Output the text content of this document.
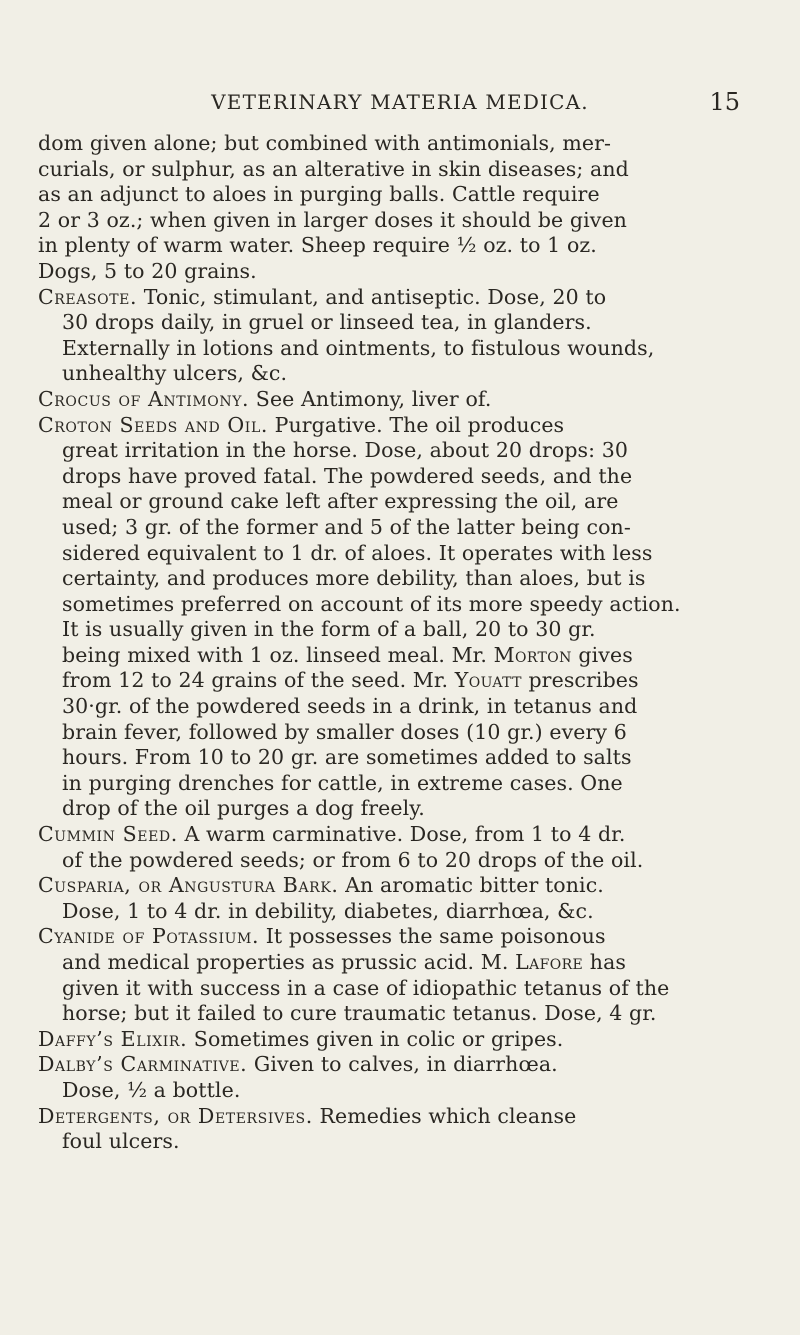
VETERINARY MATERIA MEDICA.	15
dom given alone; but combined with antimonials, mer-
curials, or sulphur, as an alterative in skin diseases; and
as an adjunct to aloes in purging balls. Cattle require
2 or 3 oz.; when given in larger doses it should be given
in plenty of warm water. Sheep require ½ oz. to 1 oz.
Dogs, 5 to 20 grains.
Creasote. Tonic, stimulant, and antiseptic. Dose, 20 to
30 drops daily, in gruel or linseed tea, in glanders.
Externally in lotions and ointments, to fistulous wounds,
unhealthy ulcers, &c.
Crocus of Antimony. See Antimony, liver of.
Croton Seeds and Oil. Purgative. The oil produces
great irritation in the horse. Dose, about 20 drops: 30
drops have proved fatal. The powdered seeds, and the
meal or ground cake left after expressing the oil, are
used; 3 gr. of the former and 5 of the latter being con-
sidered equivalent to 1 dr. of aloes. It operates with less
certainty, and produces more debility, than aloes, but is
sometimes preferred on account of its more speedy action.
It is usually given in the form of a ball, 20 to 30 gr.
being mixed with 1 oz. linseed meal. Mr. Morton gives
from 12 to 24 grains of the seed. Mr. Youatt prescribes
30·gr. of the powdered seeds in a drink, in tetanus and
brain fever, followed by smaller doses (10 gr.) every 6
hours. From 10 to 20 gr. are sometimes added to salts
in purging drenches for cattle, in extreme cases. One
drop of the oil purges a dog freely.
Cummin Seed. A warm carminative. Dose, from 1 to 4 dr.
of the powdered seeds; or from 6 to 20 drops of the oil.
Cusparia, or Angustura Bark. An aromatic bitter tonic.
Dose, 1 to 4 dr. in debility, diabetes, diarrhœa, &c.
Cyanide of Potassium. It possesses the same poisonous
and medical properties as prussic acid. M. Lafore has
given it with success in a case of idiopathic tetanus of the
horse; but it failed to cure traumatic tetanus. Dose, 4 gr.
Daffy’s Elixir. Sometimes given in colic or gripes.
Dalby’s Carminative. Given to calves, in diarrhœa.
Dose, ½ a bottle.
Detergents, or Detersives. Remedies which cleanse
foul ulcers.
